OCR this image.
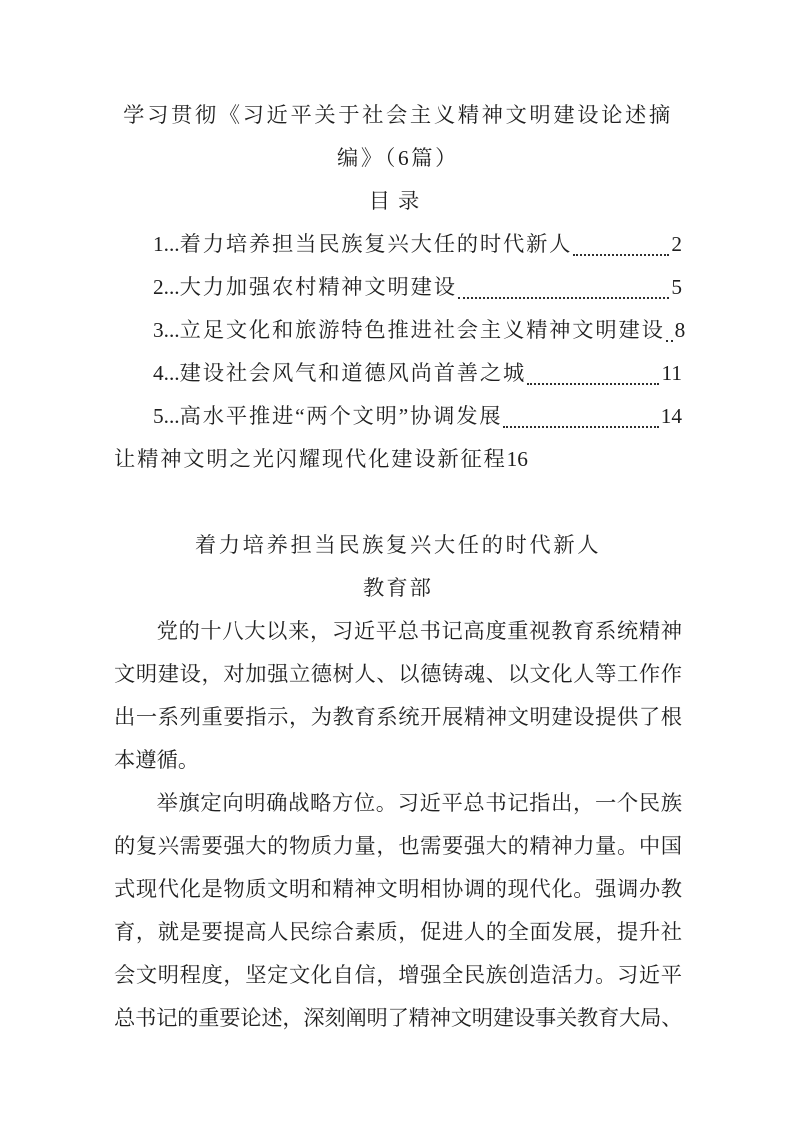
学习贯彻《习近平关于社会主义精神文明建设论述摘
编》（6篇）
目录
1... 着力培养担当民族复兴大任的时代新人	2
2... 大力加强农村精神文明建设	5
3... 立足文化和旅游特色推进社会主义精神文明建设 8
4... 建设社会风气和道德风尚首善之城	11
5... 高水平推进“两个文明”协调发展	14
让精神文明之光闪耀现代化建设新征程16
着力培养担当民族复兴大任的时代新人
教育部
党的十八大以来，习近平总书记高度重视教育系统精神
文明建设，对加强立德树人、以德铸魂、以文化人等工作作
出一系列重要指示，为教育系统开展精神文明建设提供了根
本遵循。
举旗定向明确战略方位。习近平总书记指出，一个民族
的复兴需要强大的物质力量，也需要强大的精神力量。中国
式现代化是物质文明和精神文明相协调的现代化。强调办教
育，就是要提高人民综合素质，促进人的全面发展，提升社
会文明程度，坚定文化自信，增强全民族创造活力。习近平
总书记的重要论述，深刻阐明了精神文明建设事关教育大局、
